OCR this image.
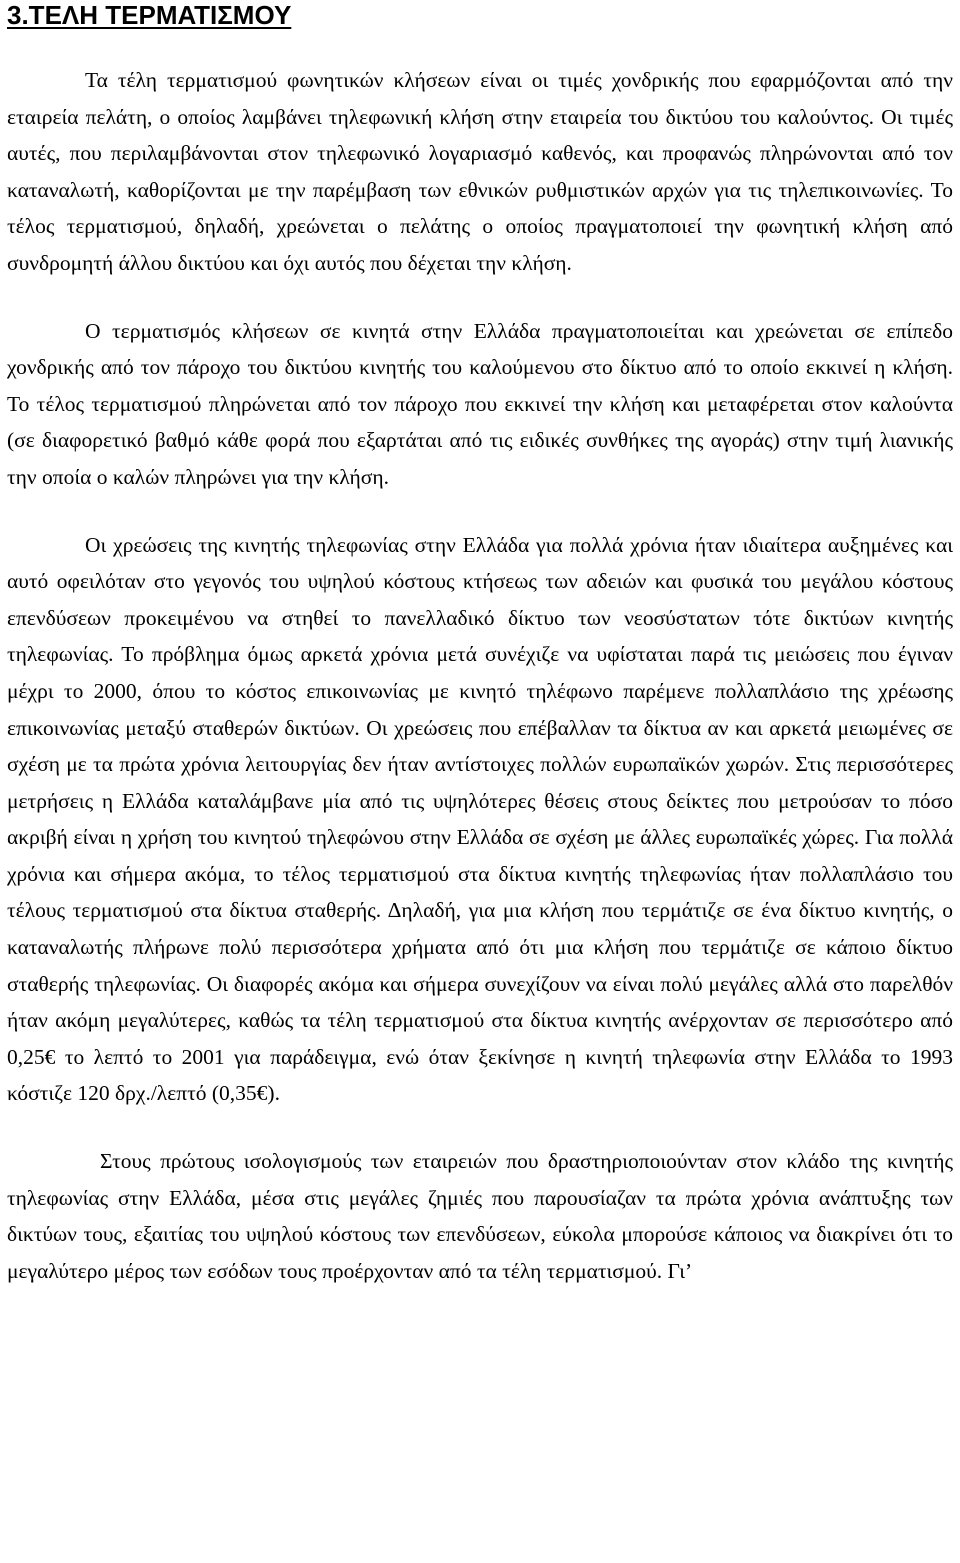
3.ΤΕΛΗ ΤΕΡΜΑΤΙΣΜΟΥ

Τα τέλη τερματισμού φωνητικών κλήσεων είναι οι τιμές χονδρικής που εφαρμόζονται από την εταιρεία πελάτη, ο οποίος λαμβάνει τηλεφωνική κλήση στην εταιρεία του δικτύου του καλούντος. Οι τιμές αυτές, που περιλαμβάνονται στον τηλεφωνικό λογαριασμό καθενός, και προφανώς πληρώνονται από τον καταναλωτή, καθορίζονται με την παρέμβαση των εθνικών ρυθμιστικών αρχών για τις τηλεπικοινωνίες. Το τέλος τερματισμού, δηλαδή, χρεώνεται ο πελάτης ο οποίος πραγματοποιεί την φωνητική κλήση από συνδρομητή άλλου δικτύου και όχι αυτός που δέχεται την κλήση.

Ο τερματισμός κλήσεων σε κινητά στην Ελλάδα πραγματοποιείται και χρεώνεται σε επίπεδο χονδρικής από τον πάροχο του δικτύου κινητής του καλούμενου στο δίκτυο από το οποίο εκκινεί η κλήση. Το τέλος τερματισμού πληρώνεται από τον πάροχο που εκκινεί την κλήση και μεταφέρεται στον καλούντα (σε διαφορετικό βαθμό κάθε φορά που εξαρτάται από τις ειδικές συνθήκες της αγοράς) στην τιμή λιανικής την οποία ο καλών πληρώνει για την κλήση.

Οι χρεώσεις της κινητής τηλεφωνίας στην Ελλάδα για πολλά χρόνια ήταν ιδιαίτερα αυξημένες και αυτό οφειλόταν στο γεγονός του υψηλού κόστους κτήσεως των αδειών και φυσικά του μεγάλου κόστους επενδύσεων προκειμένου να στηθεί το πανελλαδικό δίκτυο των νεοσύστατων τότε δικτύων κινητής τηλεφωνίας. Το πρόβλημα όμως αρκετά χρόνια μετά συνέχιζε να υφίσταται παρά τις μειώσεις που έγιναν μέχρι το 2000, όπου το κόστος επικοινωνίας με κινητό τηλέφωνο παρέμενε πολλαπλάσιο της χρέωσης επικοινωνίας μεταξύ σταθερών δικτύων. Οι χρεώσεις που επέβαλλαν τα δίκτυα αν και αρκετά μειωμένες σε σχέση με τα πρώτα χρόνια λειτουργίας δεν ήταν αντίστοιχες πολλών ευρωπαϊκών χωρών. Στις περισσότερες μετρήσεις η Ελλάδα καταλάμβανε μία από τις υψηλότερες θέσεις στους δείκτες που μετρούσαν το πόσο ακριβή είναι η χρήση του κινητού τηλεφώνου στην Ελλάδα σε σχέση με άλλες ευρωπαϊκές χώρες. Για πολλά χρόνια και σήμερα ακόμα, το τέλος τερματισμού στα δίκτυα κινητής τηλεφωνίας ήταν πολλαπλάσιο του τέλους τερματισμού στα δίκτυα σταθερής. Δηλαδή, για μια κλήση που τερμάτιζε σε ένα δίκτυο κινητής, ο καταναλωτής πλήρωνε πολύ περισσότερα χρήματα από ότι μια κλήση που τερμάτιζε σε κάποιο δίκτυο σταθερής τηλεφωνίας. Οι διαφορές ακόμα και σήμερα συνεχίζουν να είναι πολύ μεγάλες αλλά στο παρελθόν ήταν ακόμη μεγαλύτερες, καθώς τα τέλη τερματισμού στα δίκτυα κινητής ανέρχονταν σε περισσότερο από 0,25€ το λεπτό το 2001 για παράδειγμα, ενώ όταν ξεκίνησε η κινητή τηλεφωνία στην Ελλάδα το 1993 κόστιζε 120 δρχ./λεπτό (0,35€).

Στους πρώτους ισολογισμούς των εταιρειών που δραστηριοποιούνταν στον κλάδο της κινητής τηλεφωνίας στην Ελλάδα, μέσα στις μεγάλες ζημιές που παρουσίαζαν τα πρώτα χρόνια ανάπτυξης των δικτύων τους, εξαιτίας του υψηλού κόστους των επενδύσεων, εύκολα μπορούσε κάποιος να διακρίνει ότι το μεγαλύτερο μέρος των εσόδων τους προέρχονταν από τα τέλη τερματισμού. Γι’
